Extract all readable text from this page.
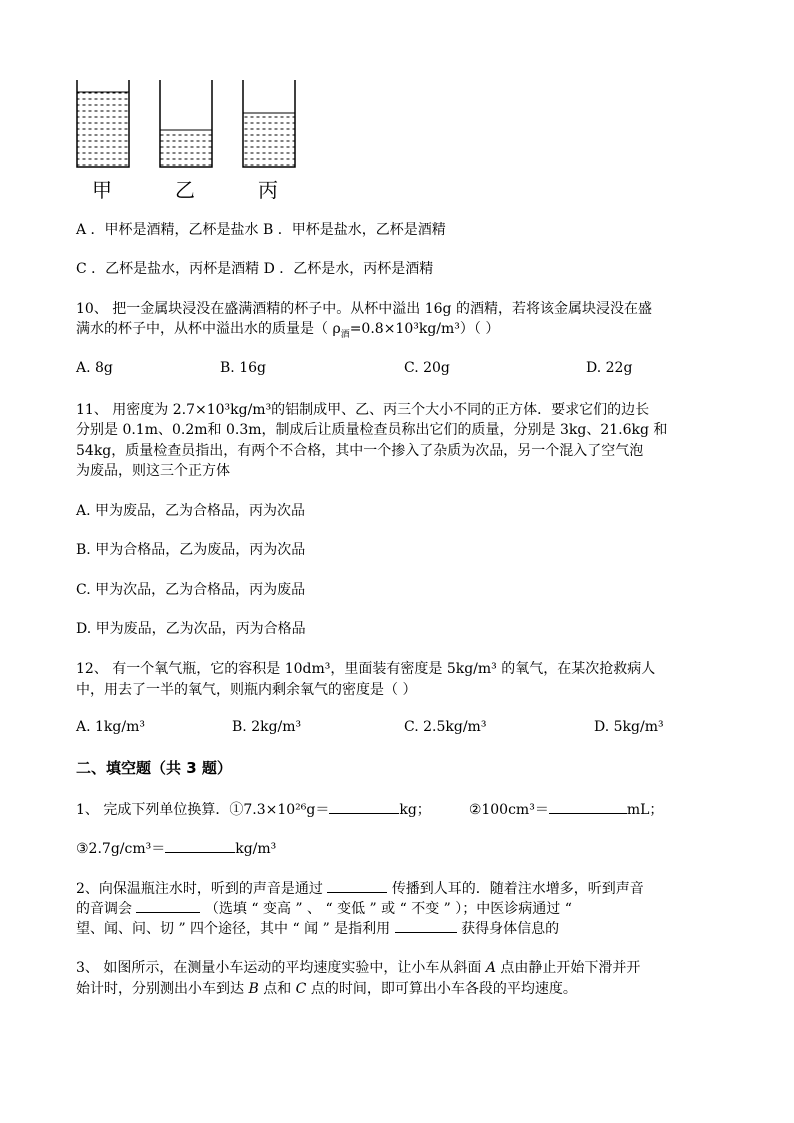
甲	乙	丙
A ．甲杯是酒精，乙杯是盐水 B ．甲杯是盐水，乙杯是酒精
C ．乙杯是盐水，丙杯是酒精 D ．乙杯是水，丙杯是酒精
10、 把一金属块浸没在盛满酒精的杯子中。从杯中溢出 16g 的酒精，若将该金属块浸没在盛
满水的杯子中，从杯中溢出水的质量是（ $\rho_酒=0.8\times 10^3kg/m^3$）（ ）
A. 8g	B. 16g	C. 20g	D. 22g
11、 用密度为 2.7×10³kg/m³的铝制成甲、乙、丙三个大小不同的正方体．要求它们的边长
分别是 0.1m、0.2m和 0.3m，制成后让质量检查员称出它们的质量，分别是 3kg、21.6kg 和
54kg，质量检查员指出，有两个不合格，其中一个掺入了杂质为次品，另一个混入了空气泡
为废品，则这三个正方体
A. 甲为废品，乙为合格品，丙为次品
B. 甲为合格品，乙为废品，丙为次品
C. 甲为次品，乙为合格品，丙为废品
D. 甲为废品，乙为次品，丙为合格品
12、 有一个氧气瓶，它的容积是 10dm³，里面装有密度是 5kg/m³ 的氧气，在某次抢救病人
中，用去了一半的氧气，则瓶内剩余氧气的密度是（ ）
A. 1kg/m³	B. 2kg/m³	C. 2.5kg/m³	D. 5kg/m³
二、填空题（共 3 题）
1、 完成下列单位换算．①7.3×10²⁶g＝	kg；	②100cm³＝	mL；
③2.7g/cm³＝	kg/m³
2、向保温瓶注水时，听到的声音是通过	传播到人耳的．随着注水增多，听到声音
的音调会	（选填 “ 变高 ” 、 “ 变低 ” 或 “ 不变 ” ）；中医诊病通过 “
望、闻、问、切 ” 四个途径，其中 “ 闻 ” 是指利用	获得身体信息的
3、 如图所示，在测量小车运动的平均速度实验中，让小车从斜面 A 点由静止开始下滑并开
始计时，分别测出小车到达 B 点和 C 点的时间，即可算出小车各段的平均速度。
